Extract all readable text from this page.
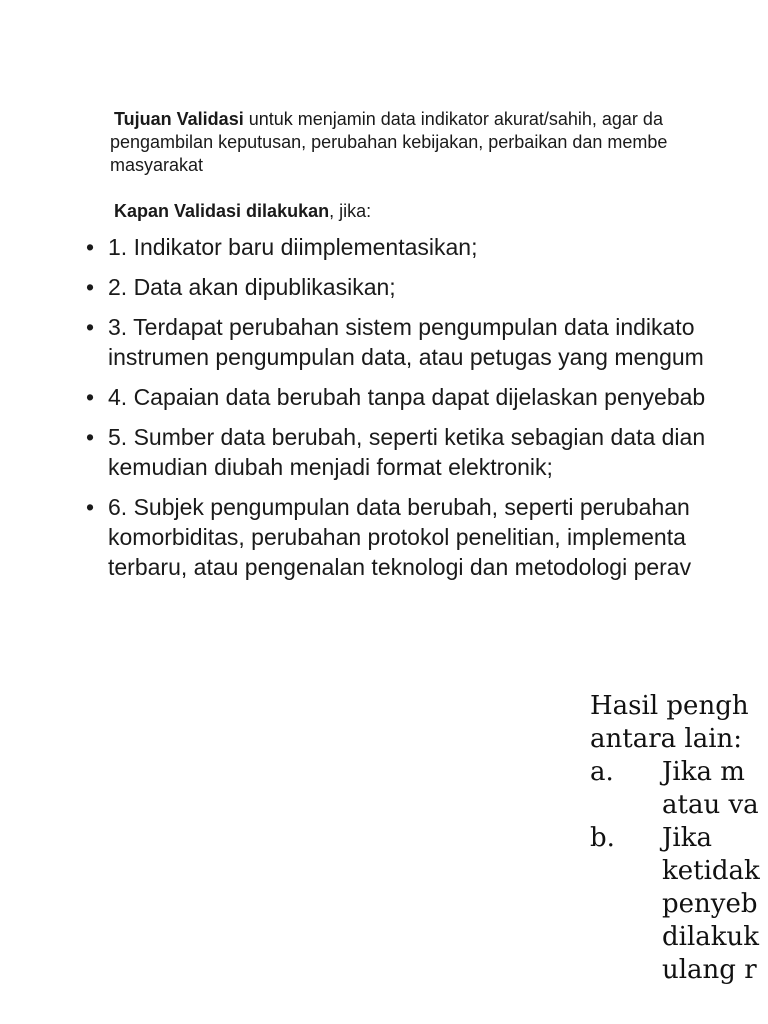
Tujuan Validasi untuk menjamin data indikator akurat/sahih, agar da
pengambilan keputusan, perubahan kebijakan, perbaikan dan membe
masyarakat
Kapan Validasi dilakukan, jika:
• 1. Indikator baru diimplementasikan;
• 2. Data akan dipublikasikan;
• 3. Terdapat perubahan sistem pengumpulan data indikato
instrumen pengumpulan data, atau petugas yang mengum
• 4. Capaian data berubah tanpa dapat dijelaskan penyebab
• 5. Sumber data berubah, seperti ketika sebagian data dian
kemudian diubah menjadi format elektronik;
• 6. Subjek pengumpulan data berubah, seperti perubahan
komorbiditas, perubahan protokol penelitian, implementa
terbaru, atau pengenalan teknologi dan metodologi perav
Hasil pengh
antara lain:
a. Jika m
atau va
b. Jika
ketidak
penyeb
dilakuk
ulang r
